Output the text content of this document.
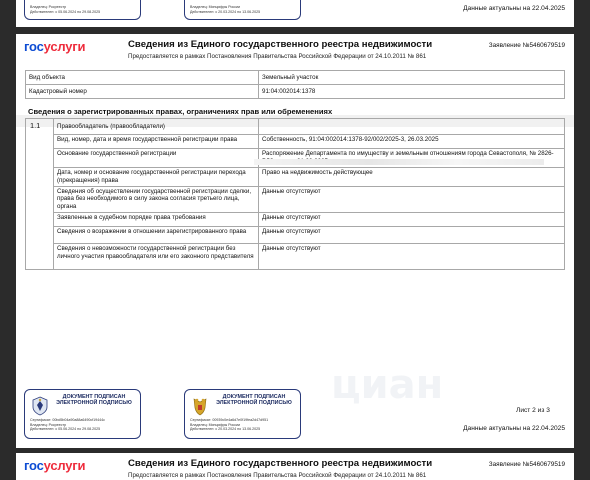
Владелец: Росреестр
Действителен: с 05.06.2024 по 29.08.2025
Владелец: Минцифры России
Действителен: с 20.03.2024 по 13.06.2025	Данные актуальны на 22.04.2025
госуслуги	Сведения из Единого государственного реестра недвижимости
Предоставляется в рамках Постановления Правительства Российской Федерации от 24.10.2011 № 861
Заявление №5460679519
Вид объекта	Земельный участок
Кадастровый номер	91:04:002014:1378
Сведения о зарегистрированных правах, ограничениях прав или обременениях
1.1	Правообладатель (правообладатели)	
	Вид, номер, дата и время государственной регистрации права	Собственность, 91:04:002014:1378-92/002/2025-3, 26.03.2025
	Основание государственной регистрации	Распоряжение Департамента по имуществу и земельным отношениям города Севастополя, № 2826-
	Дата, номер и основание государственной регистрации перехода (прекращения) права	Право на недвижимость действующее
	Сведения об осуществлении государственной регистрации сделки, права без необходимого в силу закона согласия третьего лица, органа	Данные отсутствуют
	Заявленные в судебном порядке права требования	Данные отсутствуют
	Сведения о возражении в отношении зарегистрированного права	Данные отсутствуют
	Сведения о невозможности государственной регистрации без личного участия правообладателя или его законного представителя	Данные отсутствуют
циан
ДОКУМЕНТ ПОДПИСАН ЭЛЕКТРОННОЙ ПОДПИСЬЮ
Сертификат: 00bd5b04a90a88a6490cf19444c
Владелец: Росреестр
Действителен: с 05.06.2024 по 29.08.2025
ДОКУМЕНТ ПОДПИСАН ЭЛЕКТРОННОЙ ПОДПИСЬЮ
Сертификат: 00939c0e4a6d7e0f19fea2d47d951
Владелец: Минцифры России
Действителен: с 20.03.2024 по 13.06.2025
Лист 2 из 3
Данные актуальны на 22.04.2025
госуслуги	Сведения из Единого государственного реестра недвижимости
Предоставляется в рамках Постановления Правительства Российской Федерации от 24.10.2011 № 861
Заявление №5460679519
